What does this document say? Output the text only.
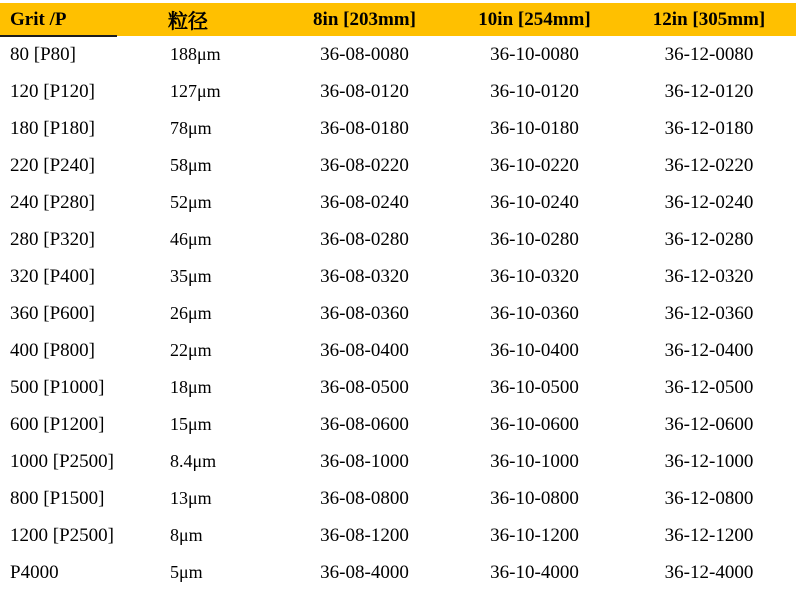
Grit /P	粒径	8in [203mm]	10in [254mm]	12in [305mm]
80 [P80]	188μm	36-08-0080	36-10-0080	36-12-0080
120 [P120]	127μm	36-08-0120	36-10-0120	36-12-0120
180 [P180]	78μm	36-08-0180	36-10-0180	36-12-0180
220 [P240]	58μm	36-08-0220	36-10-0220	36-12-0220
240 [P280]	52μm	36-08-0240	36-10-0240	36-12-0240
280 [P320]	46μm	36-08-0280	36-10-0280	36-12-0280
320 [P400]	35μm	36-08-0320	36-10-0320	36-12-0320
360 [P600]	26μm	36-08-0360	36-10-0360	36-12-0360
400 [P800]	22μm	36-08-0400	36-10-0400	36-12-0400
500 [P1000]	18μm	36-08-0500	36-10-0500	36-12-0500
600 [P1200]	15μm	36-08-0600	36-10-0600	36-12-0600
1000 [P2500]	8.4μm	36-08-1000	36-10-1000	36-12-1000
800 [P1500]	13μm	36-08-0800	36-10-0800	36-12-0800
1200 [P2500]	8μm	36-08-1200	36-10-1200	36-12-1200
P4000	5μm	36-08-4000	36-10-4000	36-12-4000
